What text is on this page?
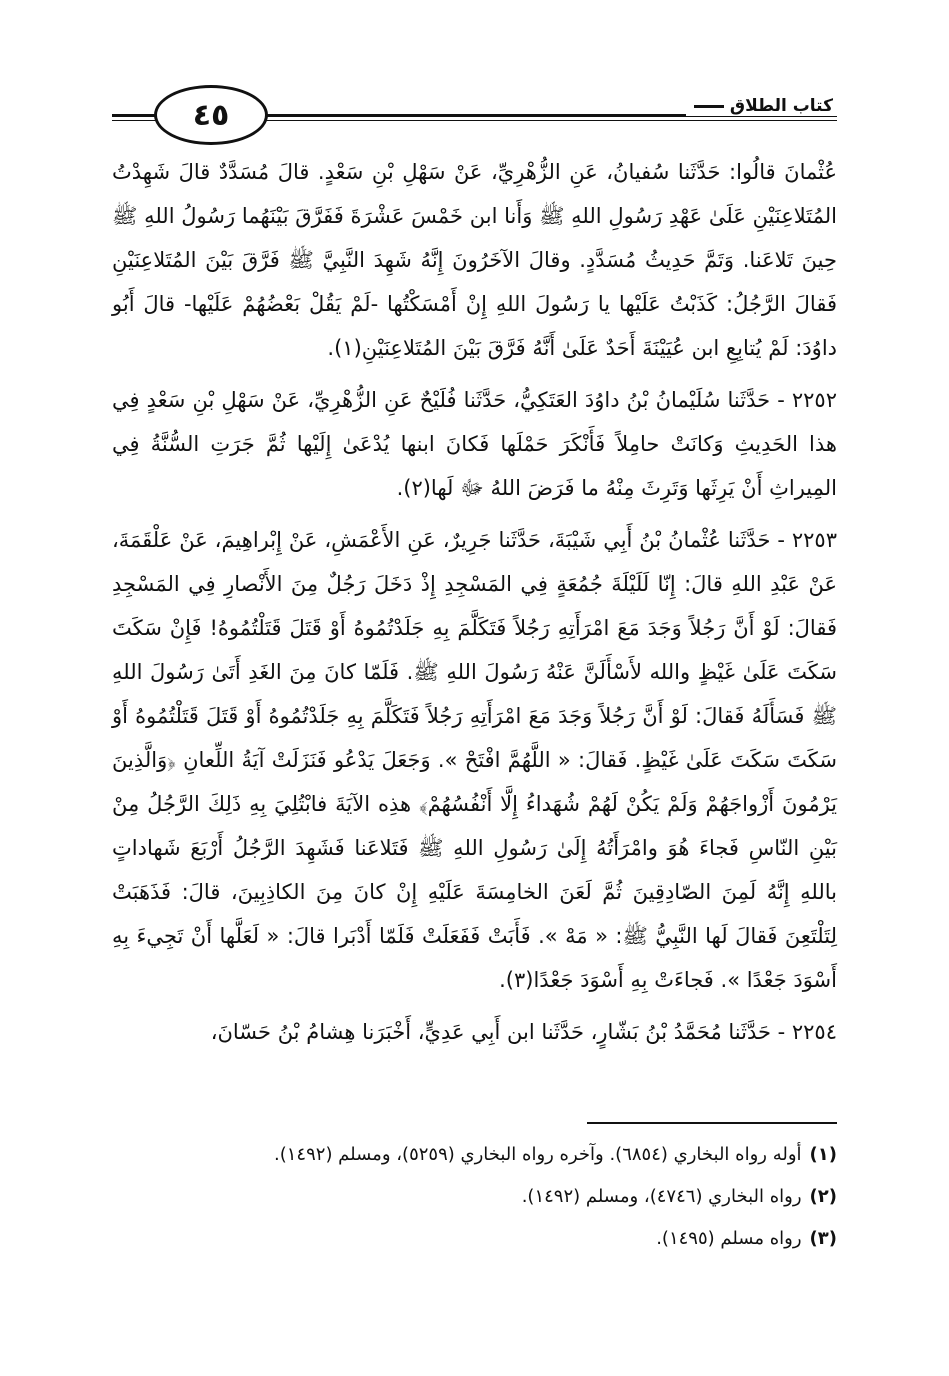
٤٥	كتاب الطلاق

عُثْمانَ قالُوا: حَدَّثَنا سُفيانُ، عَنِ الزُّهْرِيِّ، عَنْ سَهْلِ بْنِ سَعْدٍ. قالَ مُسَدَّدٌ قالَ شَهِدْتُ المُتَلاعِنَيْنِ عَلَىٰ عَهْدِ رَسُولِ اللهِ ﷺ وَأَنا ابن خَمْسَ عَشْرَةَ فَفَرَّقَ بَيْنَهُما رَسُولُ اللهِ ﷺ حِينَ تَلاعَنا. وَتَمَّ حَدِيثُ مُسَدَّدٍ. وقالَ الآخَرُونَ إِنَّهُ شَهِدَ النَّبِيَّ ﷺ فَرَّقَ بَيْنَ المُتَلاعِنَيْنِ فَقالَ الرَّجُلُ: كَذَبْتُ عَلَيْها يا رَسُولَ اللهِ إِنْ أَمْسَكْتُها -لَمْ يَقُلْ بَعْضُهُمْ عَلَيْها- قالَ أَبُو داوُدَ: لَمْ يُتابِعِ ابن عُيَيْنَةَ أَحَدٌ عَلَىٰ أَنَّهُ فَرَّقَ بَيْنَ المُتَلاعِنَيْنِ(١).

٢٢٥٢ - حَدَّثَنا سُلَيْمانُ بْنُ داوُدَ العَتَكِيُّ، حَدَّثَنا فُلَيْحٌ عَنِ الزُّهْرِيِّ، عَنْ سَهْلِ بْنِ سَعْدٍ فِي هذا الحَدِيثِ وَكانَتْ حامِلاً فَأَنْكَرَ حَمْلَها فَكانَ ابنها يُدْعَىٰ إِلَيْها ثُمَّ جَرَتِ السُّنَّةُ فِي المِيراثِ أَنْ يَرِثَها وَتَرِثَ مِنْهُ ما فَرَضَ اللهُ ﷻ لَها(٢).

٢٢٥٣ - حَدَّثَنا عُثْمانُ بْنُ أَبِي شَيْبَةَ، حَدَّثَنا جَرِيرٌ، عَنِ الأَعْمَشِ، عَنْ إِبْراهِيمَ، عَنْ عَلْقَمَةَ، عَنْ عَبْدِ اللهِ قالَ: إِنّا لَلَيْلَةَ جُمُعَةٍ فِي المَسْجِدِ إِذْ دَخَلَ رَجُلٌ مِنَ الأَنْصارِ فِي المَسْجِدِ فَقالَ: لَوْ أَنَّ رَجُلاً وَجَدَ مَعَ امْرَأَتِهِ رَجُلاً فَتَكَلَّمَ بِهِ جَلَدْتُمُوهُ أَوْ قَتَلَ قَتَلْتُمُوهُ! فَإِنْ سَكَتَ سَكَتَ عَلَىٰ غَيْظٍ والله لأَسْأَلَنَّ عَنْهُ رَسُولَ اللهِ ﷺ. فَلَمّا كانَ مِنَ الغَدِ أَتَىٰ رَسُولَ اللهِ ﷺ فَسَأَلَهُ فَقالَ: لَوْ أَنَّ رَجُلاً وَجَدَ مَعَ امْرَأَتِهِ رَجُلاً فَتَكَلَّمَ بِهِ جَلَدْتُمُوهُ أَوْ قَتَلَ قَتَلْتُمُوهُ أَوْ سَكَتَ سَكَتَ عَلَىٰ غَيْظٍ. فَقالَ: « اللَّهُمَّ افْتَحْ ». وَجَعَلَ يَدْعُو فَنَزَلَتْ آيَةُ اللِّعانِ ﴿وَالَّذِينَ يَرْمُونَ أَزْواجَهُمْ وَلَمْ يَكُنْ لَهُمْ شُهَداءُ إِلَّا أَنْفُسُهُمْ﴾ هذِه الآيَةَ فابْتُلِيَ بِهِ ذَلِكَ الرَّجُلُ مِنْ بَيْنِ النّاسِ فَجاءَ هُوَ وامْرَأَتُهُ إِلَىٰ رَسُولِ اللهِ ﷺ فَتَلاعَنا فَشَهِدَ الرَّجُلُ أَرْبَعَ شَهاداتٍ باللهِ إِنَّهُ لَمِنَ الصّادِقِينَ ثُمَّ لَعَنَ الخامِسَةَ عَلَيْهِ إِنْ كانَ مِنَ الكاذِبِينَ، قالَ: فَذَهَبَتْ لِتَلْتَعِنَ فَقالَ لَها النَّبِيُّ ﷺ: « مَهْ ». فَأَبَتْ فَفَعَلَتْ فَلَمّا أَدْبَرا قالَ: « لَعَلَّها أَنْ تَجِيءَ بِهِ أَسْوَدَ جَعْدًا ». فَجاءَتْ بِهِ أَسْوَدَ جَعْدًا(٣).

٢٢٥٤ - حَدَّثَنا مُحَمَّدُ بْنُ بَشّارٍ، حَدَّثَنا ابن أَبِي عَدِيٍّ، أَخْبَرَنا هِشامُ بْنُ حَسّانَ،

(١)أوله رواه البخاري (٦٨٥٤). وآخره رواه البخاري (٥٢٥٩)، ومسلم (١٤٩٢).

(٢)رواه البخاري (٤٧٤٦)، ومسلم (١٤٩٢).

(٣)رواه مسلم (١٤٩٥).
